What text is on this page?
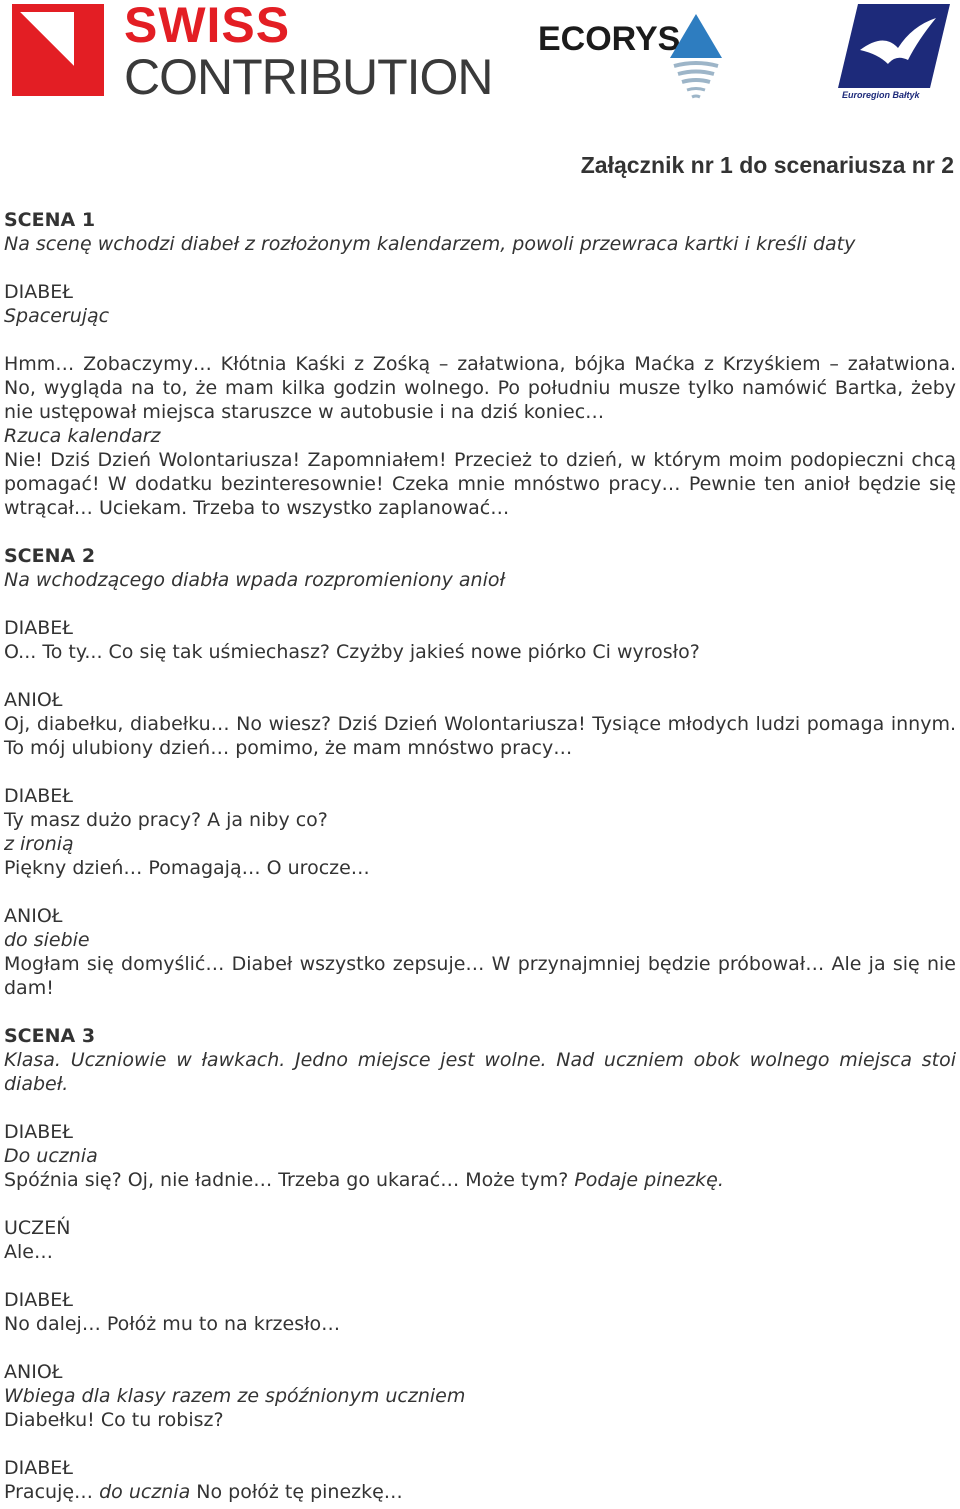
SWISS
CONTRIBUTION
ECORYS
Euroregion Bałtyk
Załącznik nr 1 do scenariusza nr 2
SCENA 1
Na scenę wchodzi diabeł z rozłożonym kalendarzem, powoli przewraca kartki i kreśli daty
DIABEŁ
Spacerując
Hmm… Zobaczymy… Kłótnia Kaśki z Zośką – załatwiona, bójka Maćka z Krzyśkiem – załatwiona. No, wygląda na to, że mam kilka godzin wolnego. Po południu musze tylko namówić Bartka, żeby nie ustępował miejsca staruszce w autobusie i na dziś koniec…
Rzuca kalendarz
Nie! Dziś Dzień Wolontariusza! Zapomniałem! Przecież to dzień, w którym moim podopieczni chcą pomagać! W dodatku bezinteresownie! Czeka mnie mnóstwo pracy… Pewnie ten anioł będzie się wtrącał… Uciekam. Trzeba to wszystko zaplanować…
SCENA 2
Na wchodzącego diabła wpada rozpromieniony anioł
DIABEŁ
O... To ty... Co się tak uśmiechasz? Czyżby jakieś nowe piórko Ci wyrosło?
ANIOŁ
Oj, diabełku, diabełku… No wiesz? Dziś Dzień Wolontariusza! Tysiące młodych ludzi pomaga innym. To mój ulubiony dzień… pomimo, że mam mnóstwo pracy…
DIABEŁ
Ty masz dużo pracy? A ja niby co?
z ironią
Piękny dzień… Pomagają… O urocze…
ANIOŁ
do siebie
Mogłam się domyślić… Diabeł wszystko zepsuje… W przynajmniej będzie próbował… Ale ja się nie dam!
SCENA 3
Klasa. Uczniowie w ławkach. Jedno miejsce jest wolne. Nad uczniem obok wolnego miejsca stoi diabeł.
DIABEŁ
Do ucznia
Spóźnia się? Oj, nie ładnie… Trzeba go ukarać… Może tym? Podaje pinezkę.
UCZEŃ
Ale…
DIABEŁ
No dalej… Połóż mu to na krzesło…
ANIOŁ
Wbiega dla klasy razem ze spóźnionym uczniem
Diabełku! Co tu robisz?
DIABEŁ
Pracuję… do ucznia No połóż tę pinezkę…
